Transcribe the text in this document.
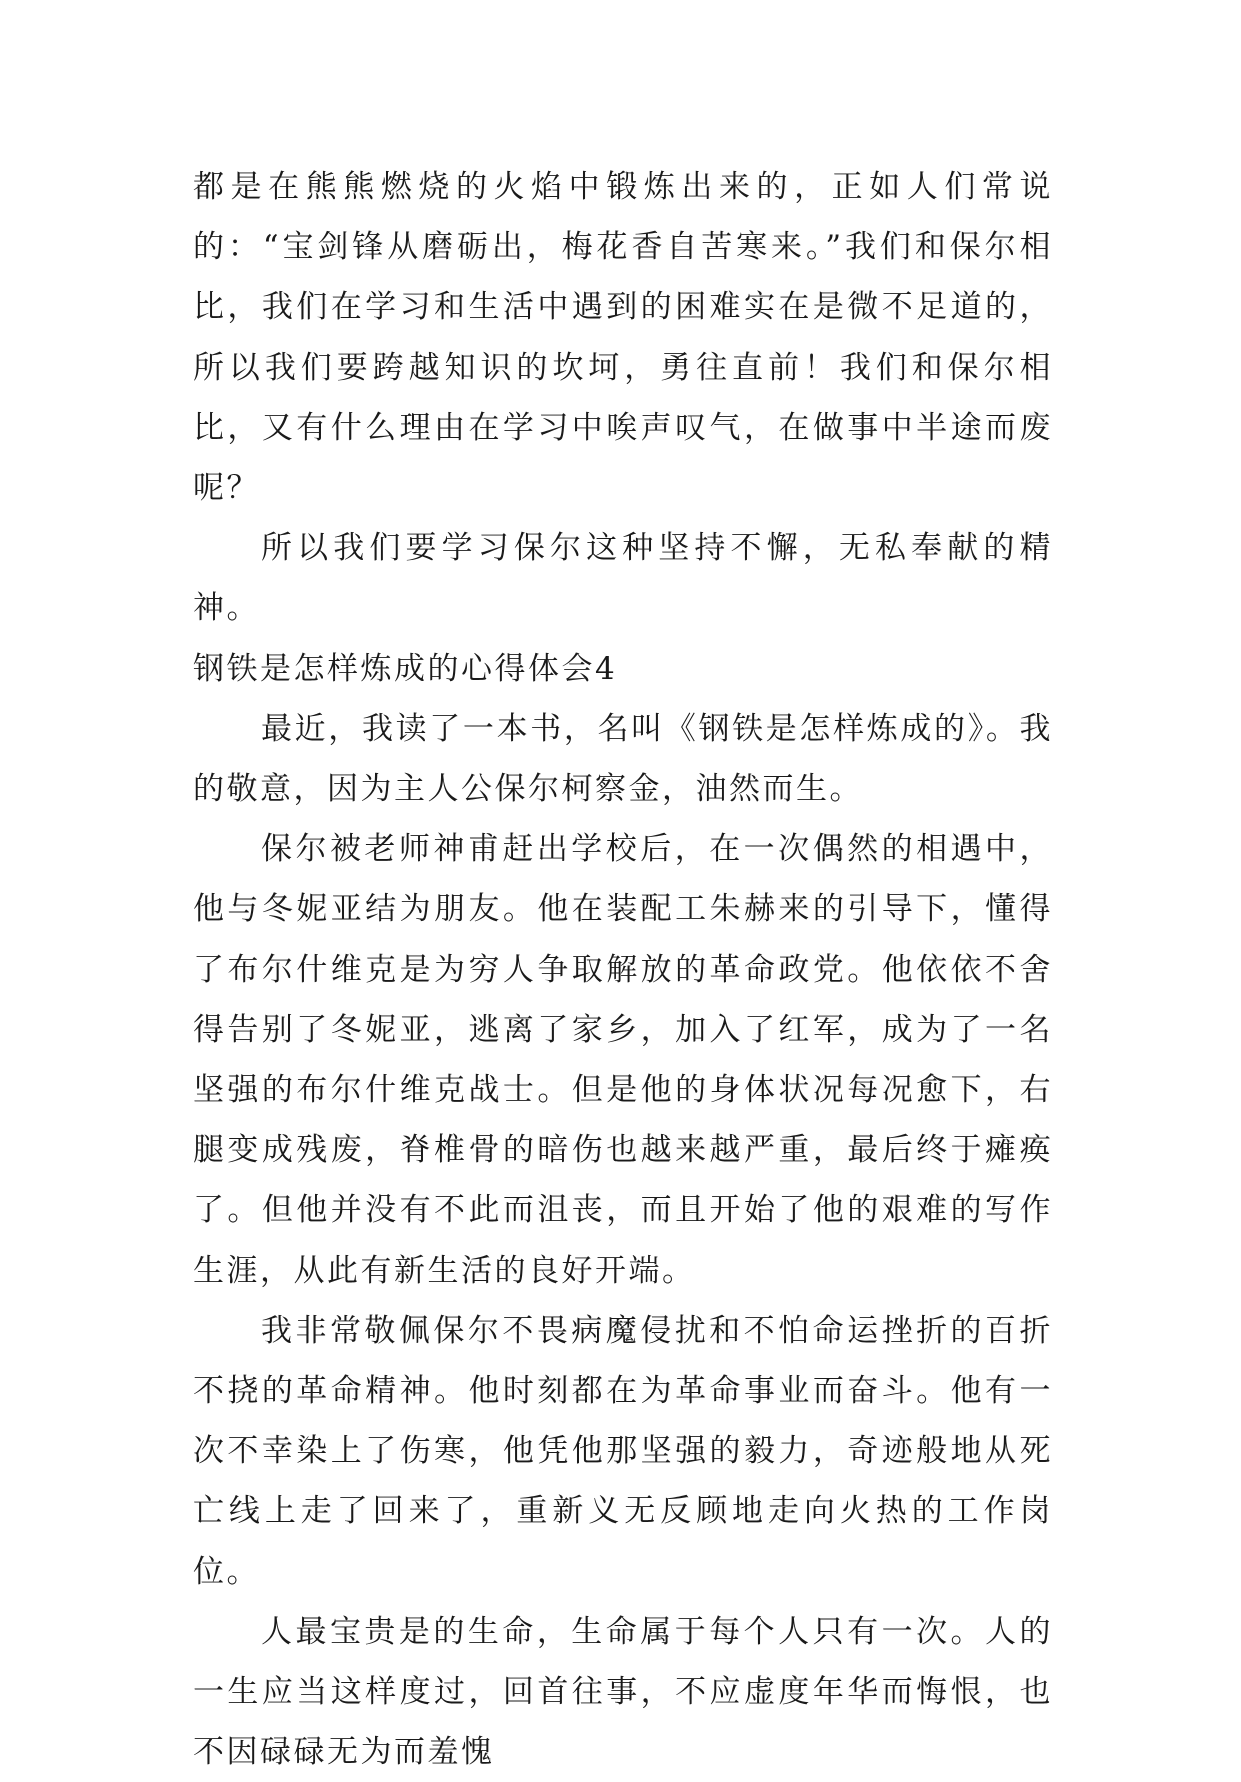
都是在熊熊燃烧的火焰中锻炼出来的，正如人们常说的：“宝剑锋从磨砺出，梅花香自苦寒来。”我们和保尔相比，我们在学习和生活中遇到的困难实在是微不足道的，所以我们要跨越知识的坎坷，勇往直前！我们和保尔相比，又有什么理由在学习中唉声叹气，在做事中半途而废呢？

所以我们要学习保尔这种坚持不懈，无私奉献的精神。

钢铁是怎样炼成的心得体会4

最近，我读了一本书，名叫《钢铁是怎样炼成的》。我的敬意，因为主人公保尔柯察金，油然而生。

保尔被老师神甫赶出学校后，在一次偶然的相遇中，他与冬妮亚结为朋友。他在装配工朱赫来的引导下，懂得了布尔什维克是为穷人争取解放的革命政党。他依依不舍得告别了冬妮亚，逃离了家乡，加入了红军，成为了一名坚强的布尔什维克战士。但是他的身体状况每况愈下，右腿变成残废，脊椎骨的暗伤也越来越严重，最后终于瘫痪了。但他并没有不此而沮丧，而且开始了他的艰难的写作生涯，从此有新生活的良好开端。

我非常敬佩保尔不畏病魔侵扰和不怕命运挫折的百折不挠的革命精神。他时刻都在为革命事业而奋斗。他有一次不幸染上了伤寒，他凭他那坚强的毅力，奇迹般地从死亡线上走了回来了，重新义无反顾地走向火热的工作岗位。

人最宝贵是的生命，生命属于每个人只有一次。人的一生应当这样度过，回首往事，不应虚度年华而悔恨，也不因碌碌无为而羞愧
